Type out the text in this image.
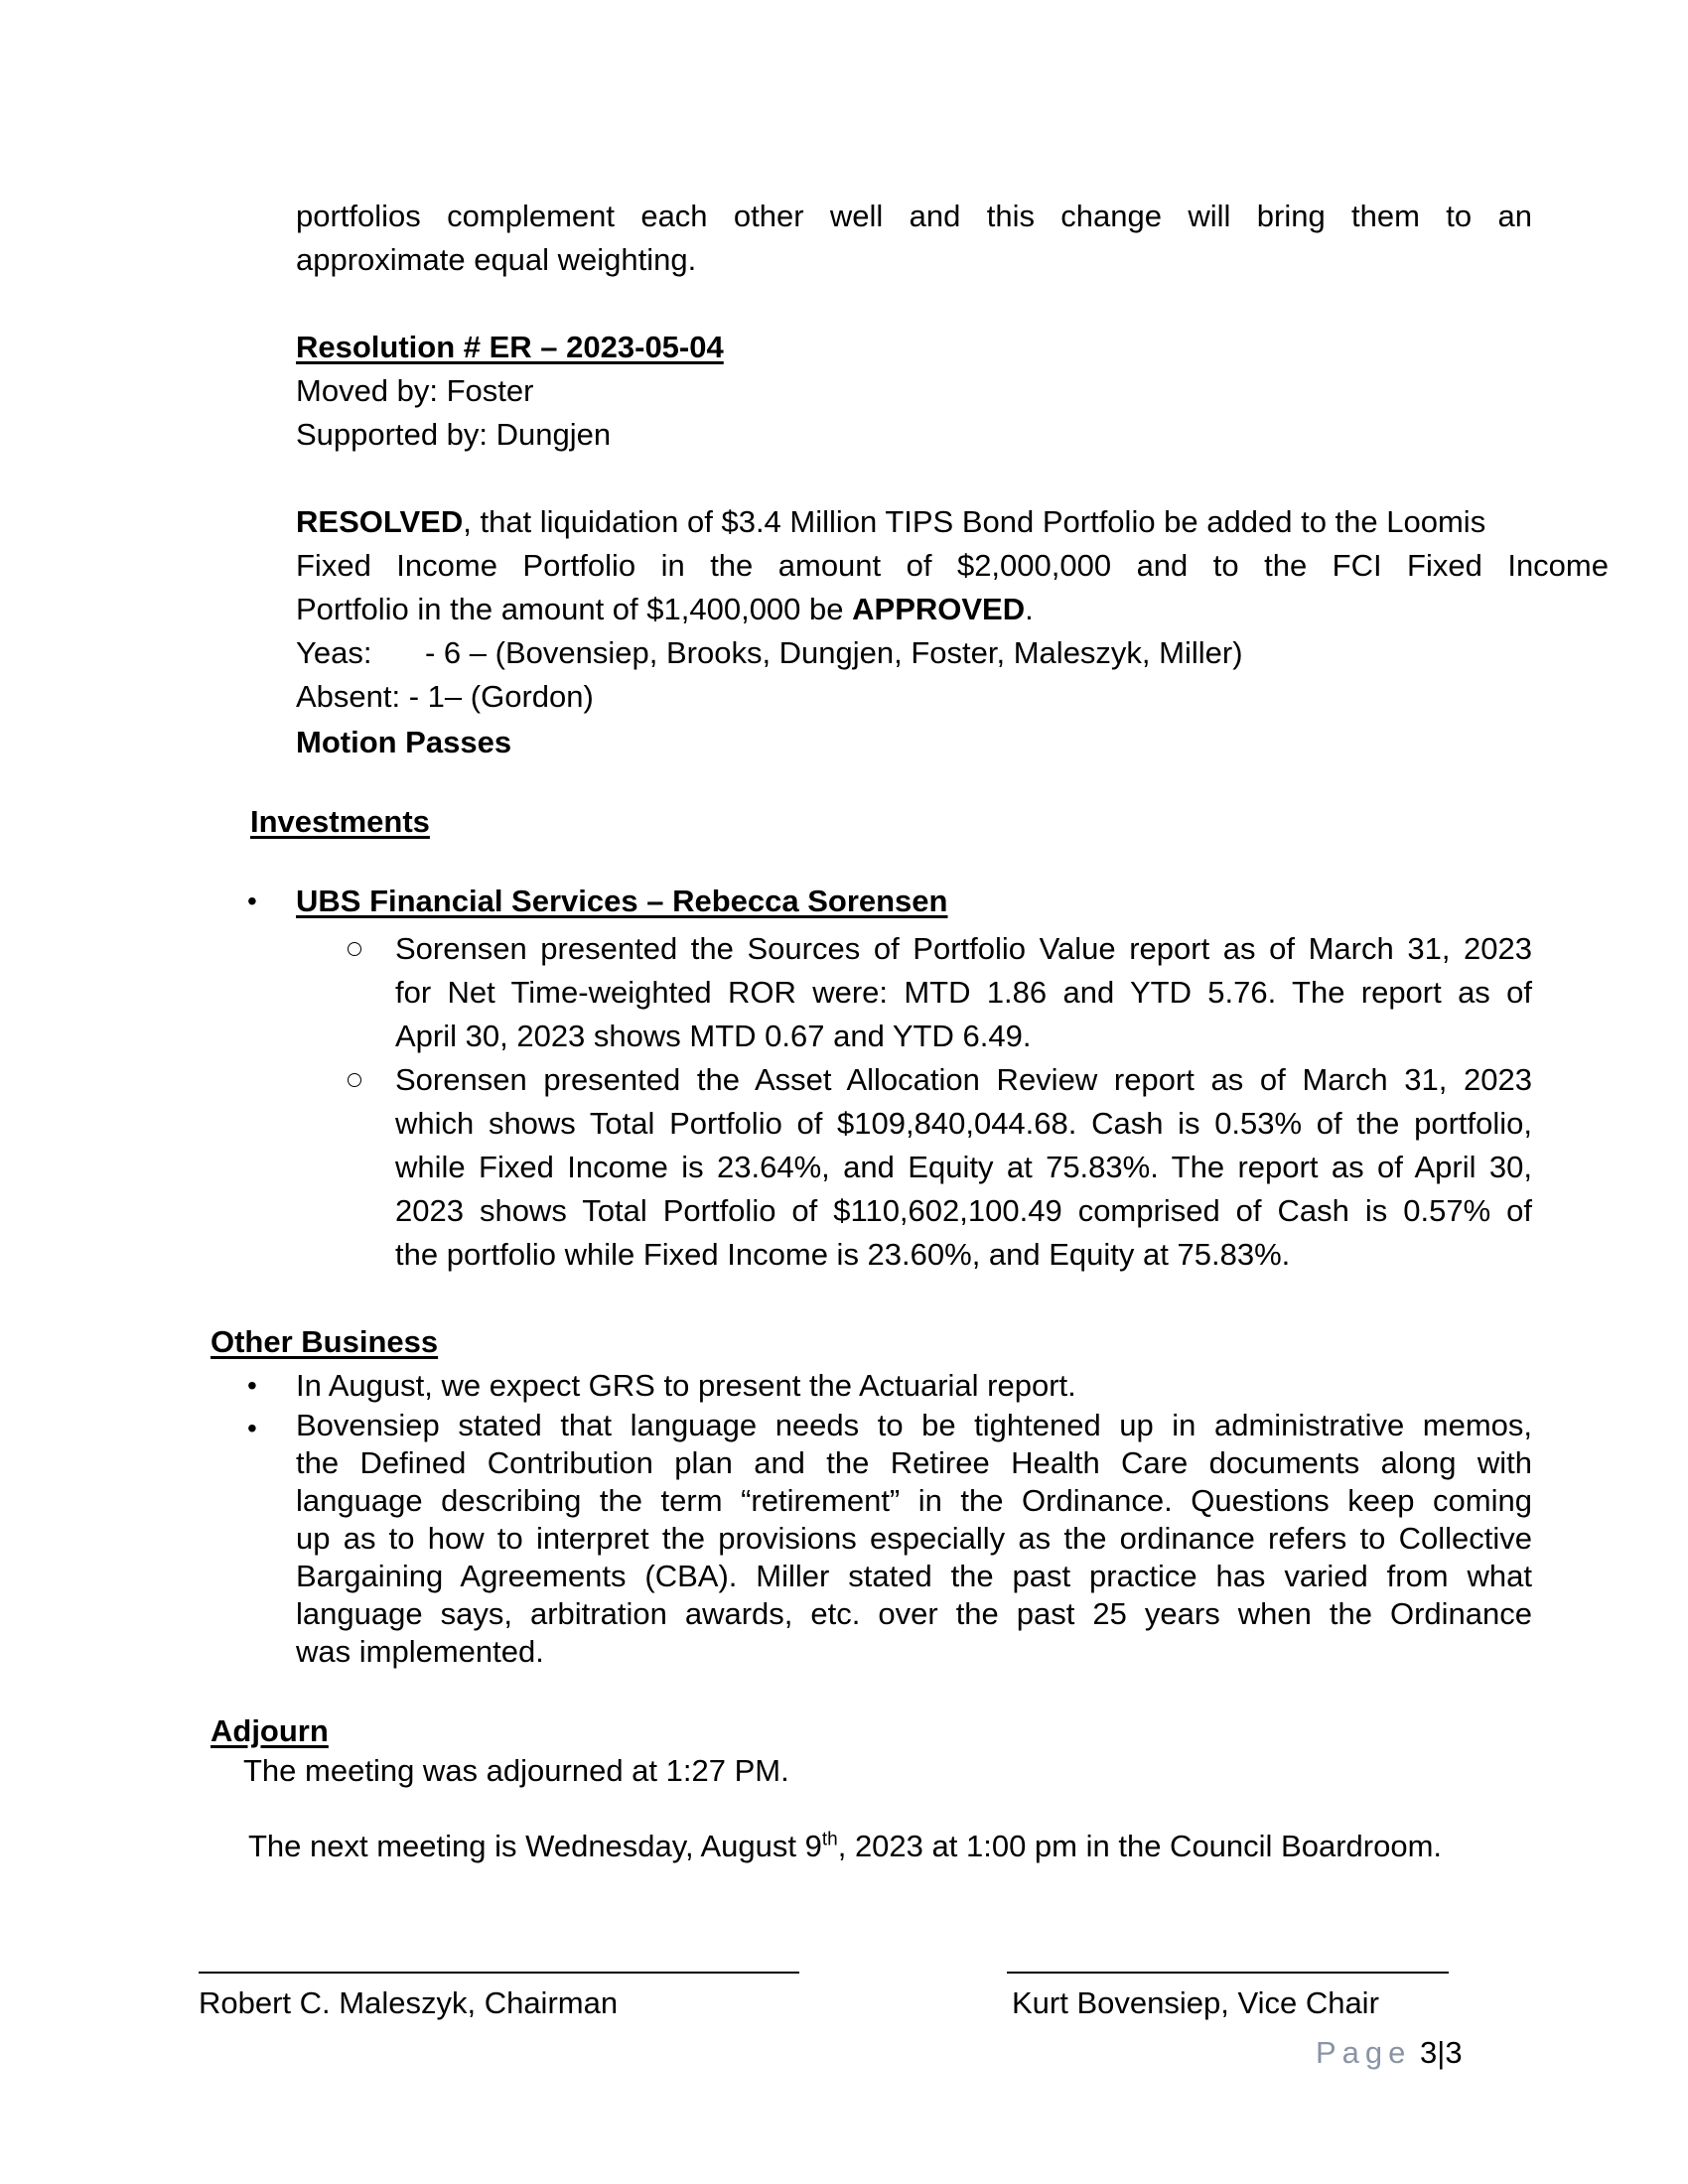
portfolios complement each other well and this change will bring them to an
approximate equal weighting.
Resolution # ER – 2023-05-04
Moved by: Foster
Supported by: Dungjen
RESOLVED, that liquidation of $3.4 Million TIPS Bond Portfolio be added to the Loomis
Fixed Income Portfolio in the amount of $2,000,000 and to the FCI Fixed Income
Portfolio in the amount of $1,400,000 be APPROVED.
Yeas: - 6 – (Bovensiep, Brooks, Dungjen, Foster, Maleszyk, Miller)
Absent: - 1– (Gordon)
Motion Passes
Investments
• UBS Financial Services – Rebecca Sorensen
Sorensen presented the Sources of Portfolio Value report as of March 31, 2023
for Net Time-weighted ROR were: MTD 1.86 and YTD 5.76. The report as of
April 30, 2023 shows MTD 0.67 and YTD 6.49.
Sorensen presented the Asset Allocation Review report as of March 31, 2023
which shows Total Portfolio of $109,840,044.68. Cash is 0.53% of the portfolio,
while Fixed Income is 23.64%, and Equity at 75.83%. The report as of April 30,
2023 shows Total Portfolio of $110,602,100.49 comprised of Cash is 0.57% of
the portfolio while Fixed Income is 23.60%, and Equity at 75.83%.
Other Business
• In August, we expect GRS to present the Actuarial report.
• Bovensiep stated that language needs to be tightened up in administrative memos,
the Defined Contribution plan and the Retiree Health Care documents along with
language describing the term “retirement” in the Ordinance. Questions keep coming
up as to how to interpret the provisions especially as the ordinance refers to Collective
Bargaining Agreements (CBA). Miller stated the past practice has varied from what
language says, arbitration awards, etc. over the past 25 years when the Ordinance
was implemented.
Adjourn
The meeting was adjourned at 1:27 PM.
The next meeting is Wednesday, August 9th, 2023 at 1:00 pm in the Council Boardroom.
Robert C. Maleszyk, Chairman	Kurt Bovensiep, Vice Chair
Page 3|3
